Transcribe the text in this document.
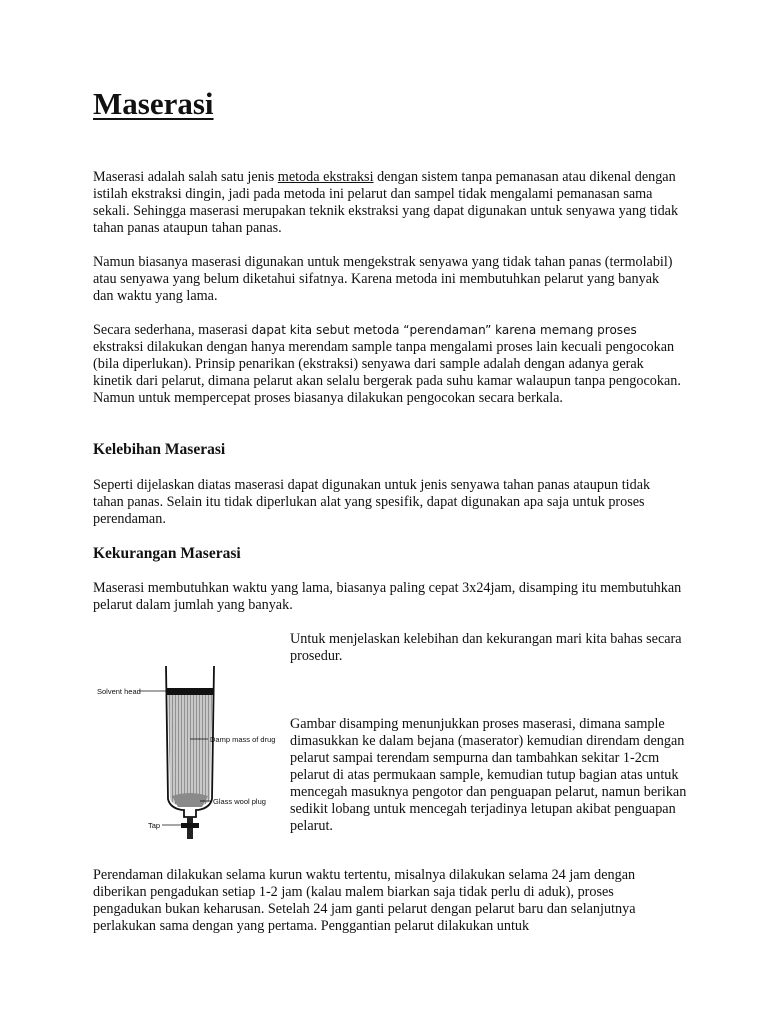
Maserasi

Maserasi adalah salah satu jenis metoda ekstraksi dengan sistem tanpa pemanasan atau dikenal dengan istilah ekstraksi dingin, jadi pada metoda ini pelarut dan sampel tidak mengalami pemanasan sama sekali. Sehingga maserasi merupakan teknik ekstraksi yang dapat digunakan untuk senyawa yang tidak tahan panas ataupun tahan panas.

Namun biasanya maserasi digunakan untuk mengekstrak senyawa yang tidak tahan panas (termolabil) atau senyawa yang belum diketahui sifatnya. Karena metoda ini membutuhkan pelarut yang banyak dan waktu yang lama.

Secara sederhana, maserasi dapat kita sebut metoda “perendaman” karena memang proses ekstraksi dilakukan dengan hanya merendam sample tanpa mengalami proses lain kecuali pengocokan (bila diperlukan). Prinsip penarikan (ekstraksi) senyawa dari sample adalah dengan adanya gerak kinetik dari pelarut, dimana pelarut akan selalu bergerak pada suhu kamar walaupun tanpa pengocokan. Namun untuk mempercepat proses biasanya dilakukan pengocokan secara berkala.

Kelebihan Maserasi

Seperti dijelaskan diatas maserasi dapat digunakan untuk jenis senyawa tahan panas ataupun tidak tahan panas. Selain itu tidak diperlukan alat yang spesifik, dapat digunakan apa saja untuk proses perendaman.

Kekurangan Maserasi

Maserasi membutuhkan waktu yang lama, biasanya paling cepat 3x24jam, disamping itu membutuhkan pelarut dalam jumlah yang banyak.

Untuk menjelaskan kelebihan dan kekurangan mari kita bahas secara prosedur.

Gambar disamping menunjukkan proses maserasi, dimana sample dimasukkan ke dalam bejana (maserator) kemudian direndam dengan pelarut sampai terendam sempurna dan tambahkan sekitar 1-2cm pelarut di atas permukaan sample, kemudian tutup bagian atas untuk mencegah masuknya pengotor dan penguapan pelarut, namun berikan sedikit lobang untuk mencegah terjadinya letupan akibat penguapan pelarut.

Solvent head
Damp mass of drug
Glass wool plug
Tap

Perendaman dilakukan selama kurun waktu tertentu, misalnya dilakukan selama 24 jam dengan diberikan pengadukan setiap 1-2 jam (kalau malem biarkan saja tidak perlu di aduk), proses pengadukan bukan keharusan. Setelah 24 jam ganti pelarut dengan pelarut baru dan selanjutnya perlakukan sama dengan yang pertama. Penggantian pelarut dilakukan untuk
